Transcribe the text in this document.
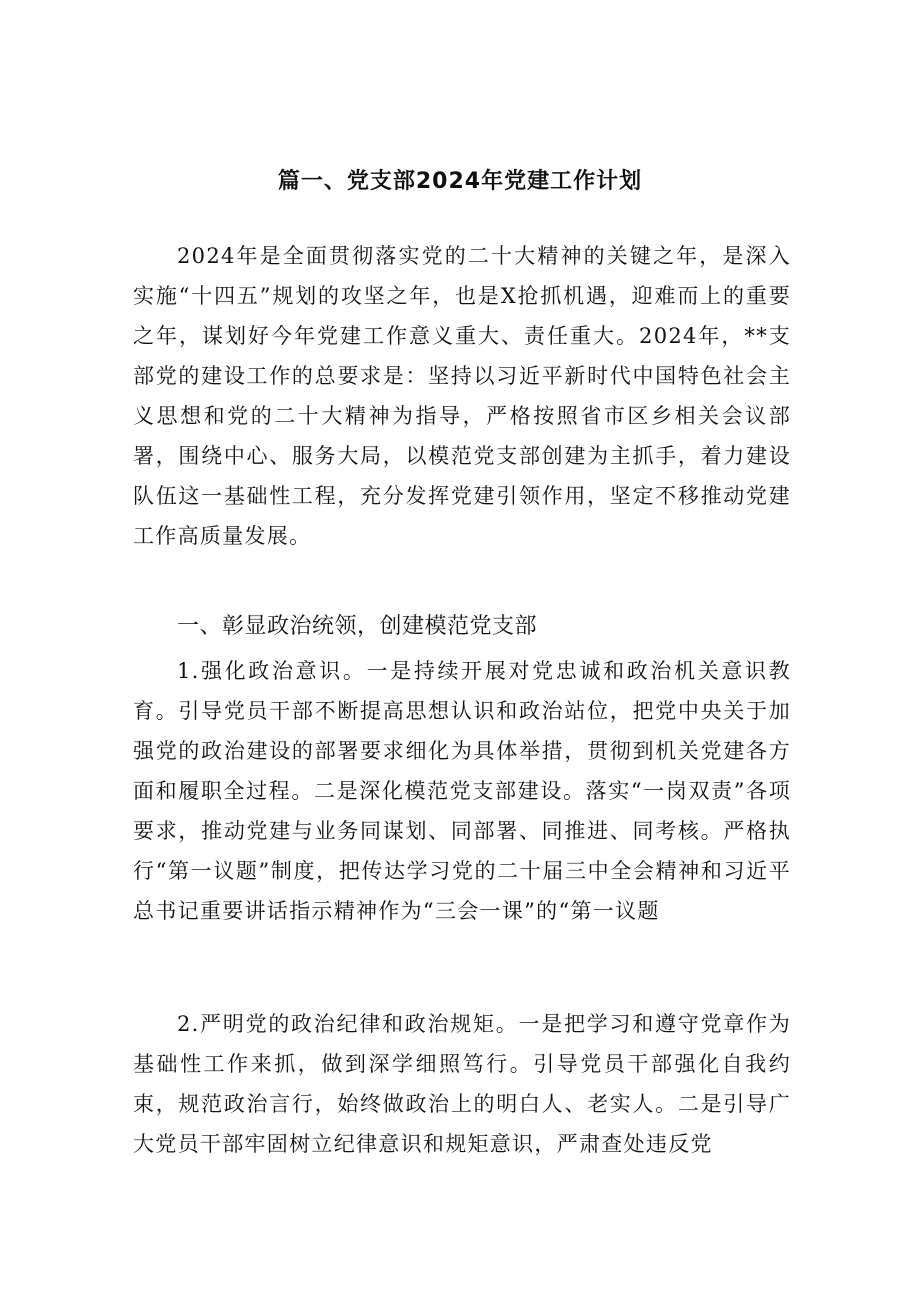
篇一、党支部2024年党建工作计划

2024年是全面贯彻落实党的二十大精神的关键之年，是深入实施“十四五”规划的攻坚之年，也是X抢抓机遇，迎难而上的重要之年，谋划好今年党建工作意义重大、责任重大。2024年，**支部党的建设工作的总要求是：坚持以习近平新时代中国特色社会主义思想和党的二十大精神为指导，严格按照省市区乡相关会议部署，围绕中心、服务大局，以模范党支部创建为主抓手，着力建设队伍这一基础性工程，充分发挥党建引领作用，坚定不移推动党建工作高质量发展。

一、彰显政治统领，创建模范党支部

1.强化政治意识。一是持续开展对党忠诚和政治机关意识教育。引导党员干部不断提高思想认识和政治站位，把党中央关于加强党的政治建设的部署要求细化为具体举措，贯彻到机关党建各方面和履职全过程。二是深化模范党支部建设。落实“一岗双责”各项要求，推动党建与业务同谋划、同部署、同推进、同考核。严格执行“第一议题”制度，把传达学习党的二十届三中全会精神和习近平总书记重要讲话指示精神作为“三会一课”的“第一议题

2.严明党的政治纪律和政治规矩。一是把学习和遵守党章作为基础性工作来抓，做到深学细照笃行。引导党员干部强化自我约束，规范政治言行，始终做政治上的明白人、老实人。二是引导广大党员干部牢固树立纪律意识和规矩意识，严肃查处违反党
